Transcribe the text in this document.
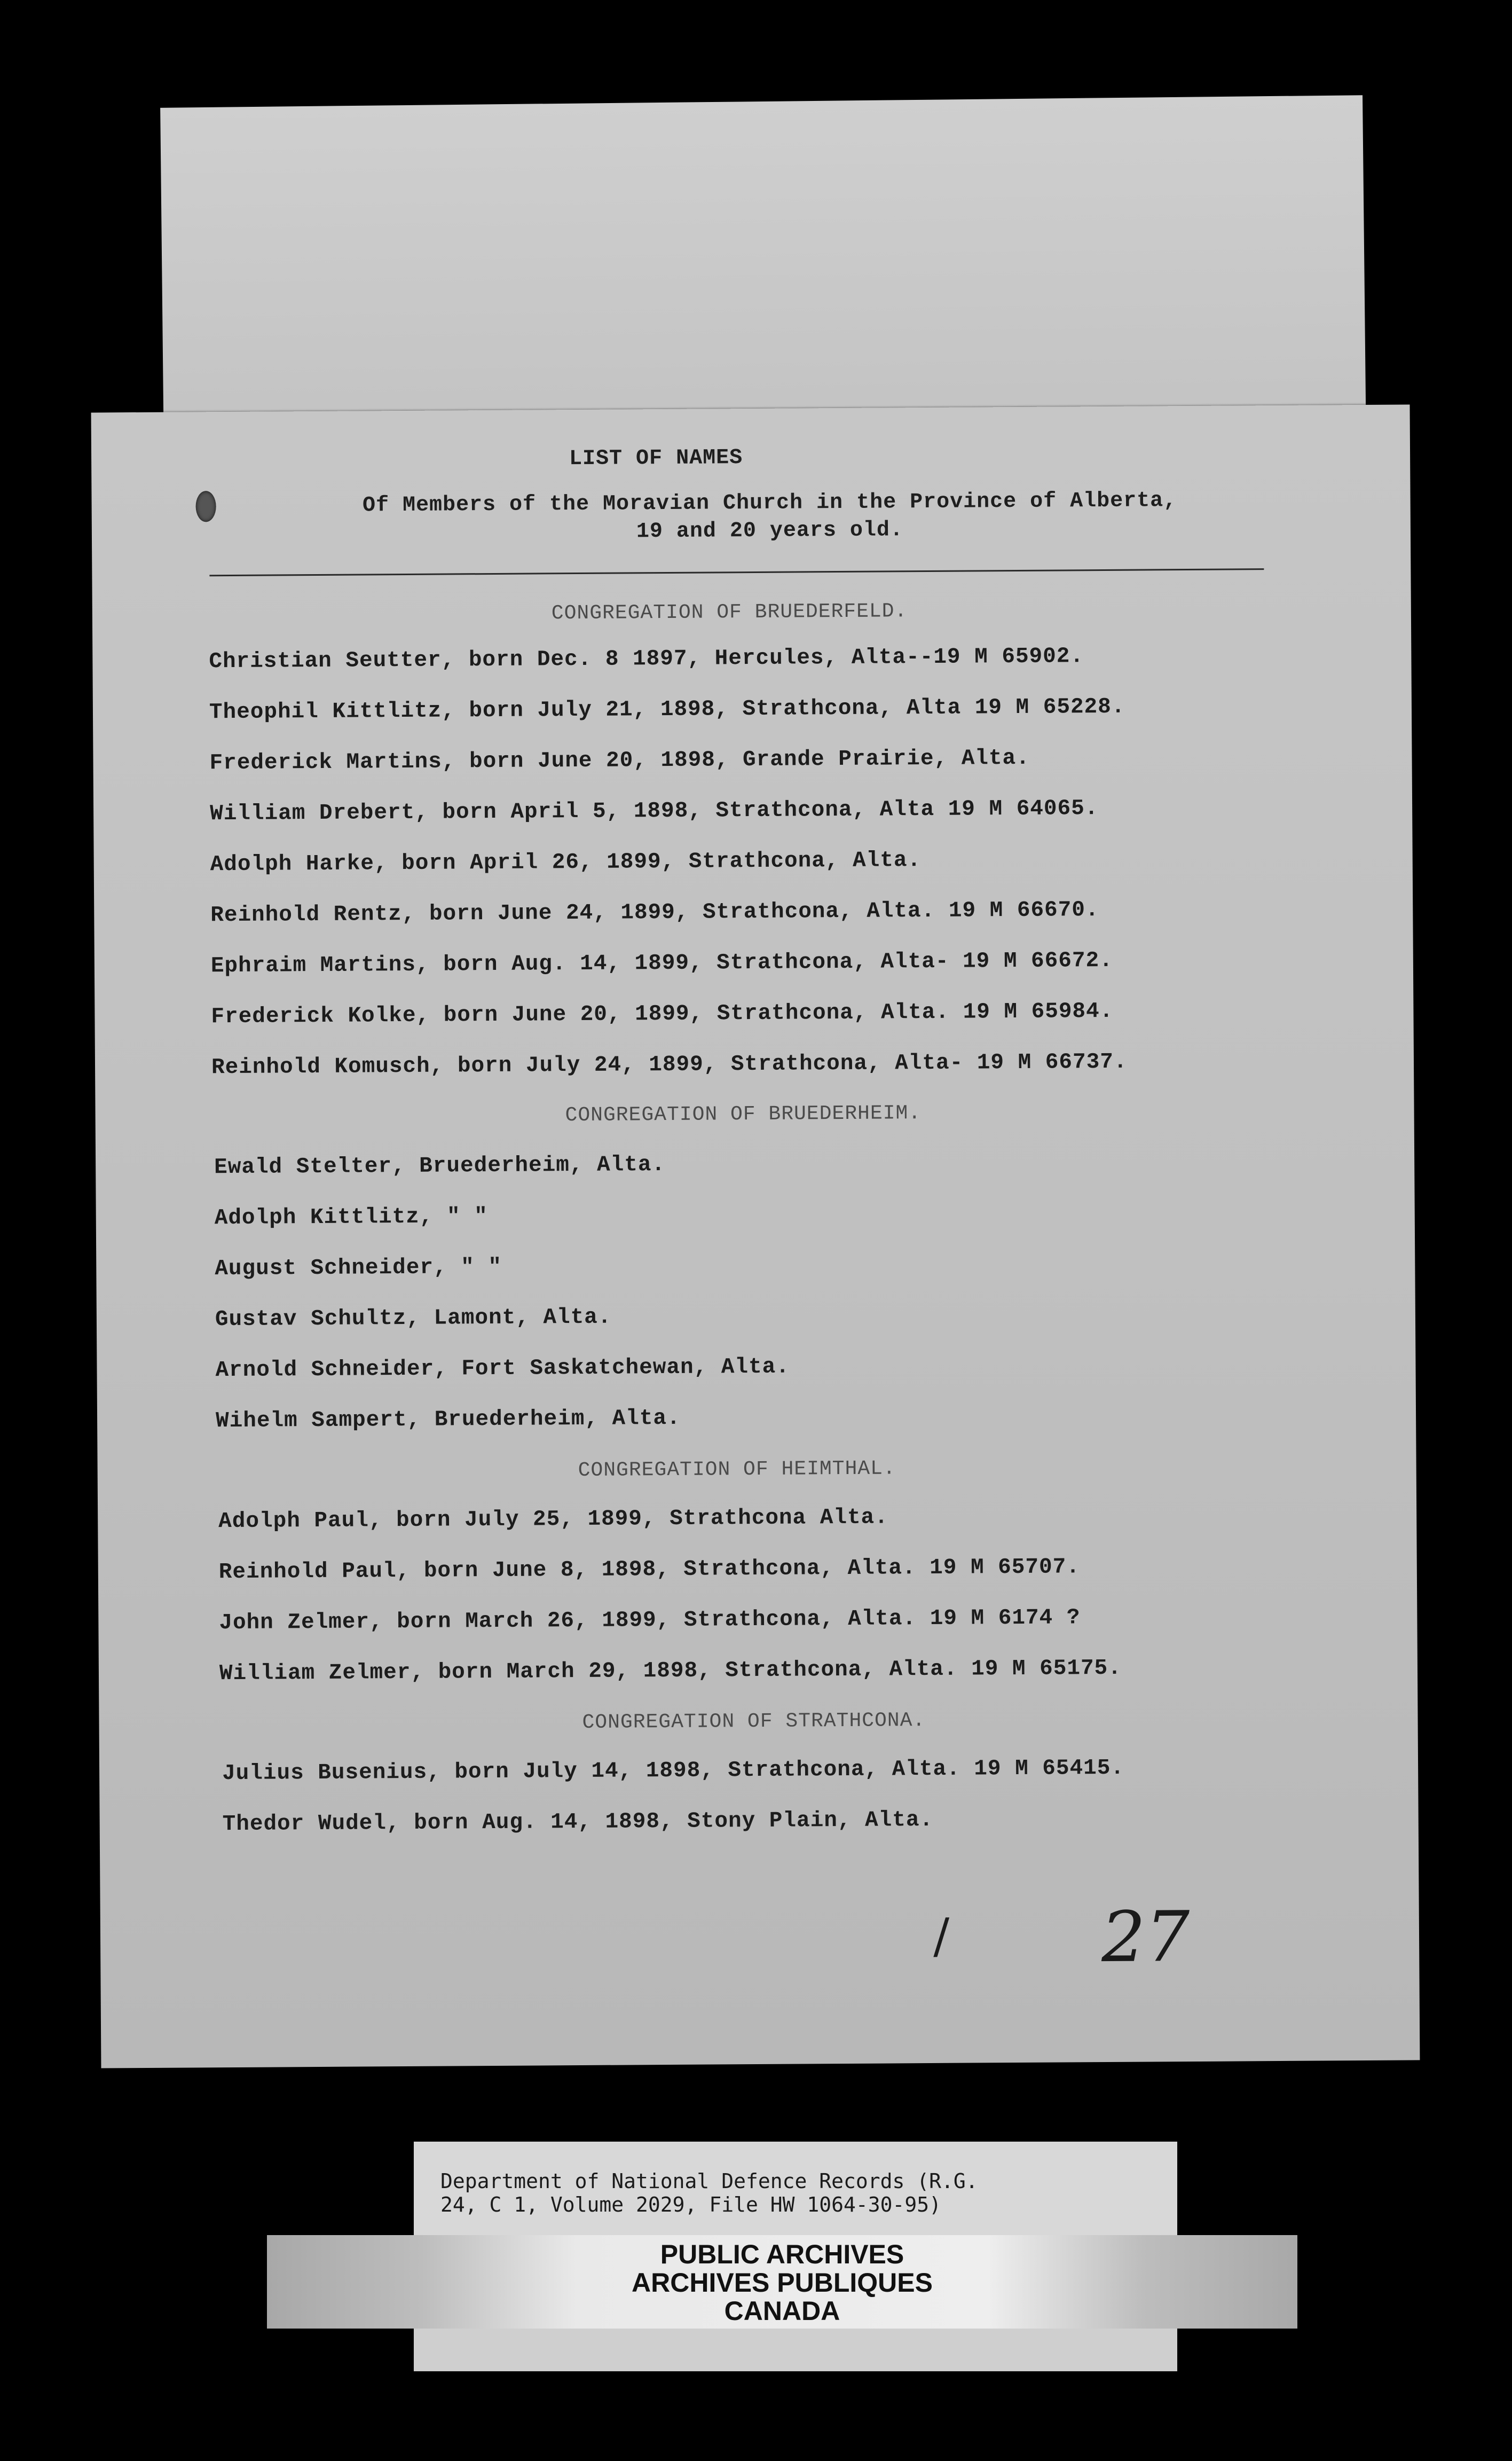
LIST OF NAMES
Of Members of the Moravian Church in the Province of Alberta,
19 and 20 years old.
CONGREGATION OF BRUEDERFELD.
Christian Seutter, born Dec. 8 1897, Hercules, Alta--19 M 65902.
Theophil Kittlitz, born July 21, 1898, Strathcona, Alta 19 M 65228.
Frederick Martins, born June 20, 1898, Grande Prairie, Alta.
William Drebert, born April 5, 1898, Strathcona, Alta 19 M 64065.
Adolph Harke, born April 26, 1899, Strathcona, Alta.
Reinhold Rentz, born June 24, 1899, Strathcona, Alta. 19 M 66670.
Ephraim Martins, born Aug. 14, 1899, Strathcona, Alta- 19 M 66672.
Frederick Kolke, born June 20, 1899, Strathcona, Alta. 19 M 65984.
Reinhold Komusch, born July 24, 1899, Strathcona, Alta- 19 M 66737.
CONGREGATION OF BRUEDERHEIM.
Ewald Stelter, Bruederheim, Alta.
Adolph Kittlitz, " "
August Schneider, " "
Gustav Schultz, Lamont, Alta.
Arnold Schneider, Fort Saskatchewan, Alta.
Wihelm Sampert, Bruederheim, Alta.
CONGREGATION OF HEIMTHAL.
Adolph Paul, born July 25, 1899, Strathcona Alta.
Reinhold Paul, born June 8, 1898, Strathcona, Alta. 19 M 65707.
John Zelmer, born March 26, 1899, Strathcona, Alta. 19 M 6174 ?
William Zelmer, born March 29, 1898, Strathcona, Alta. 19 M 65175.
CONGREGATION OF STRATHCONA.
Julius Busenius, born July 14, 1898, Strathcona, Alta. 19 M 65415.
Thedor Wudel, born Aug. 14, 1898, Stony Plain, Alta.
/ 27
Department of National Defence Records (R.G.
24, C 1, Volume 2029, File HW 1064-30-95)
PUBLIC ARCHIVES
ARCHIVES PUBLIQUES
CANADA
